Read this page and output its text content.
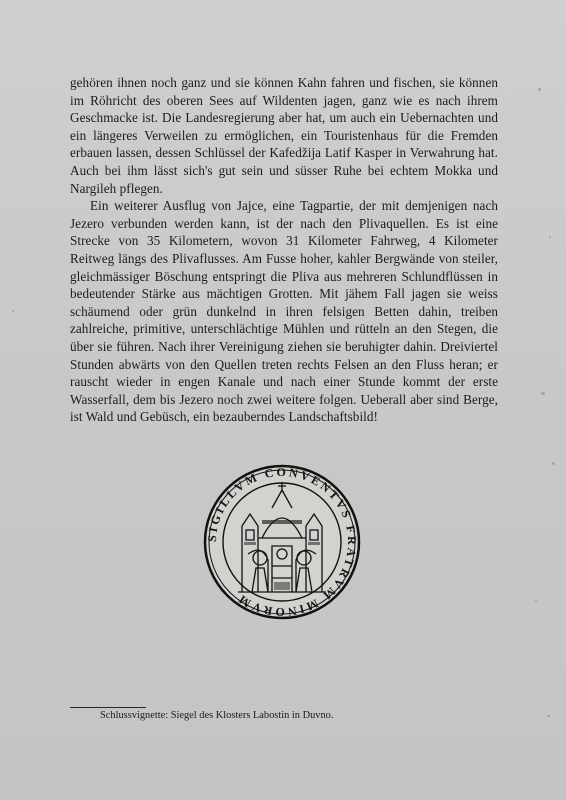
gehören ihnen noch ganz und sie können Kahn fahren und fischen, sie können im Röhricht des oberen Sees auf Wildenten jagen, ganz wie es nach ihrem Geschmacke ist. Die Landesregierung aber hat, um auch ein Uebernachten und ein längeres Verweilen zu ermöglichen, ein Touristenhaus für die Fremden erbauen lassen, dessen Schlüssel der Kafedžija Latif Kasper in Verwahrung hat. Auch bei ihm lässt sich's gut sein und süsser Ruhe bei echtem Mokka und Nargileh pflegen.

Ein weiterer Ausflug von Jajce, eine Tagpartie, der mit demjenigen nach Jezero verbunden werden kann, ist der nach den Plivaquellen. Es ist eine Strecke von 35 Kilometern, wovon 31 Kilometer Fahrweg, 4 Kilometer Reitweg längs des Plivaflusses. Am Fusse hoher, kahler Bergwände von steiler, gleichmässiger Böschung entspringt die Pliva aus mehreren Schlundflüssen in bedeutender Stärke aus mächtigen Grotten. Mit jähem Fall jagen sie weiss schäumend oder grün dunkelnd in ihren felsigen Betten dahin, treiben zahlreiche, primitive, unterschlächtige Mühlen und rütteln an den Stegen, die über sie führen. Nach ihrer Vereinigung ziehen sie beruhigter dahin. Dreiviertel Stunden abwärts von den Quellen treten rechts Felsen an den Fluss heran; er rauscht wieder in engen Kanale und nach einer Stunde kommt der erste Wasserfall, dem bis Jezero noch zwei weitere folgen. Ueberall aber sind Berge, ist Wald und Gebüsch, ein bezauberndes Landschaftsbild!

SIGILLVM CONVENTVS FRATRVM MINORVM
Schlussvignette: Siegel des Klosters Labostin in Duvno.
